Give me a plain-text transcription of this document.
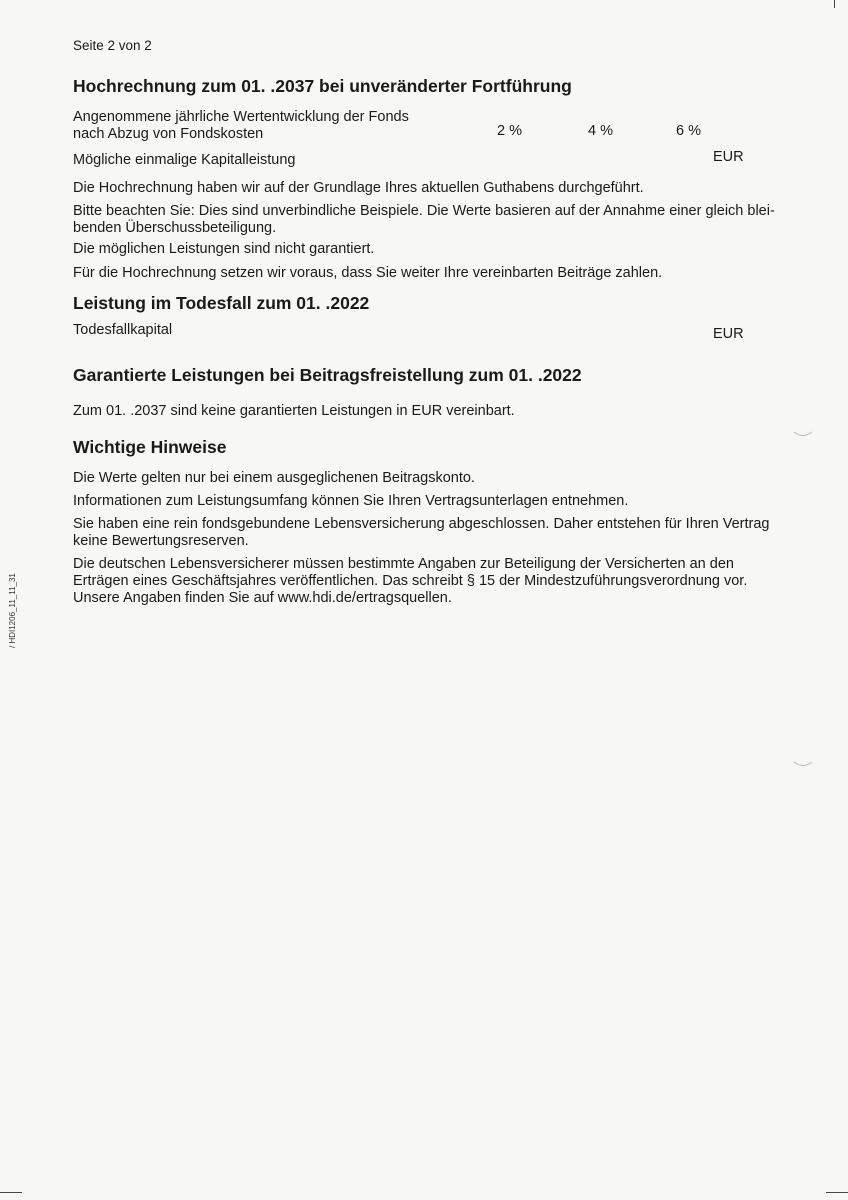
Seite 2 von 2
Hochrechnung zum 01. .2037 bei unveränderter Fortführung
Angenommene jährliche Wertentwicklung der Fonds
nach Abzug von Fondskosten	2 %	4 %	6 %
Mögliche einmalige Kapitalleistung	EUR
Die Hochrechnung haben wir auf der Grundlage Ihres aktuellen Guthabens durchgeführt.
Bitte beachten Sie: Dies sind unverbindliche Beispiele. Die Werte basieren auf der Annahme einer gleich blei-
benden Überschussbeteiligung.
Die möglichen Leistungen sind nicht garantiert.
Für die Hochrechnung setzen wir voraus, dass Sie weiter Ihre vereinbarten Beiträge zahlen.
Leistung im Todesfall zum 01. .2022
Todesfallkapital	EUR
Garantierte Leistungen bei Beitragsfreistellung zum 01. .2022
Zum 01. .2037 sind keine garantierten Leistungen in EUR vereinbart.
Wichtige Hinweise
Die Werte gelten nur bei einem ausgeglichenen Beitragskonto.
Informationen zum Leistungsumfang können Sie Ihren Vertragsunterlagen entnehmen.
Sie haben eine rein fondsgebundene Lebensversicherung abgeschlossen. Daher entstehen für Ihren Vertrag keine Bewertungsreserven.
Die deutschen Lebensversicherer müssen bestimmte Angaben zur Beteiligung der Versicherten an den Erträgen eines Geschäftsjahres veröffentlichen. Das schreibt § 15 der Mindestzuführungsverordnung vor. Unsere Angaben finden Sie auf www.hdi.de/ertragsquellen.
/ HDI1206_11_11_31
